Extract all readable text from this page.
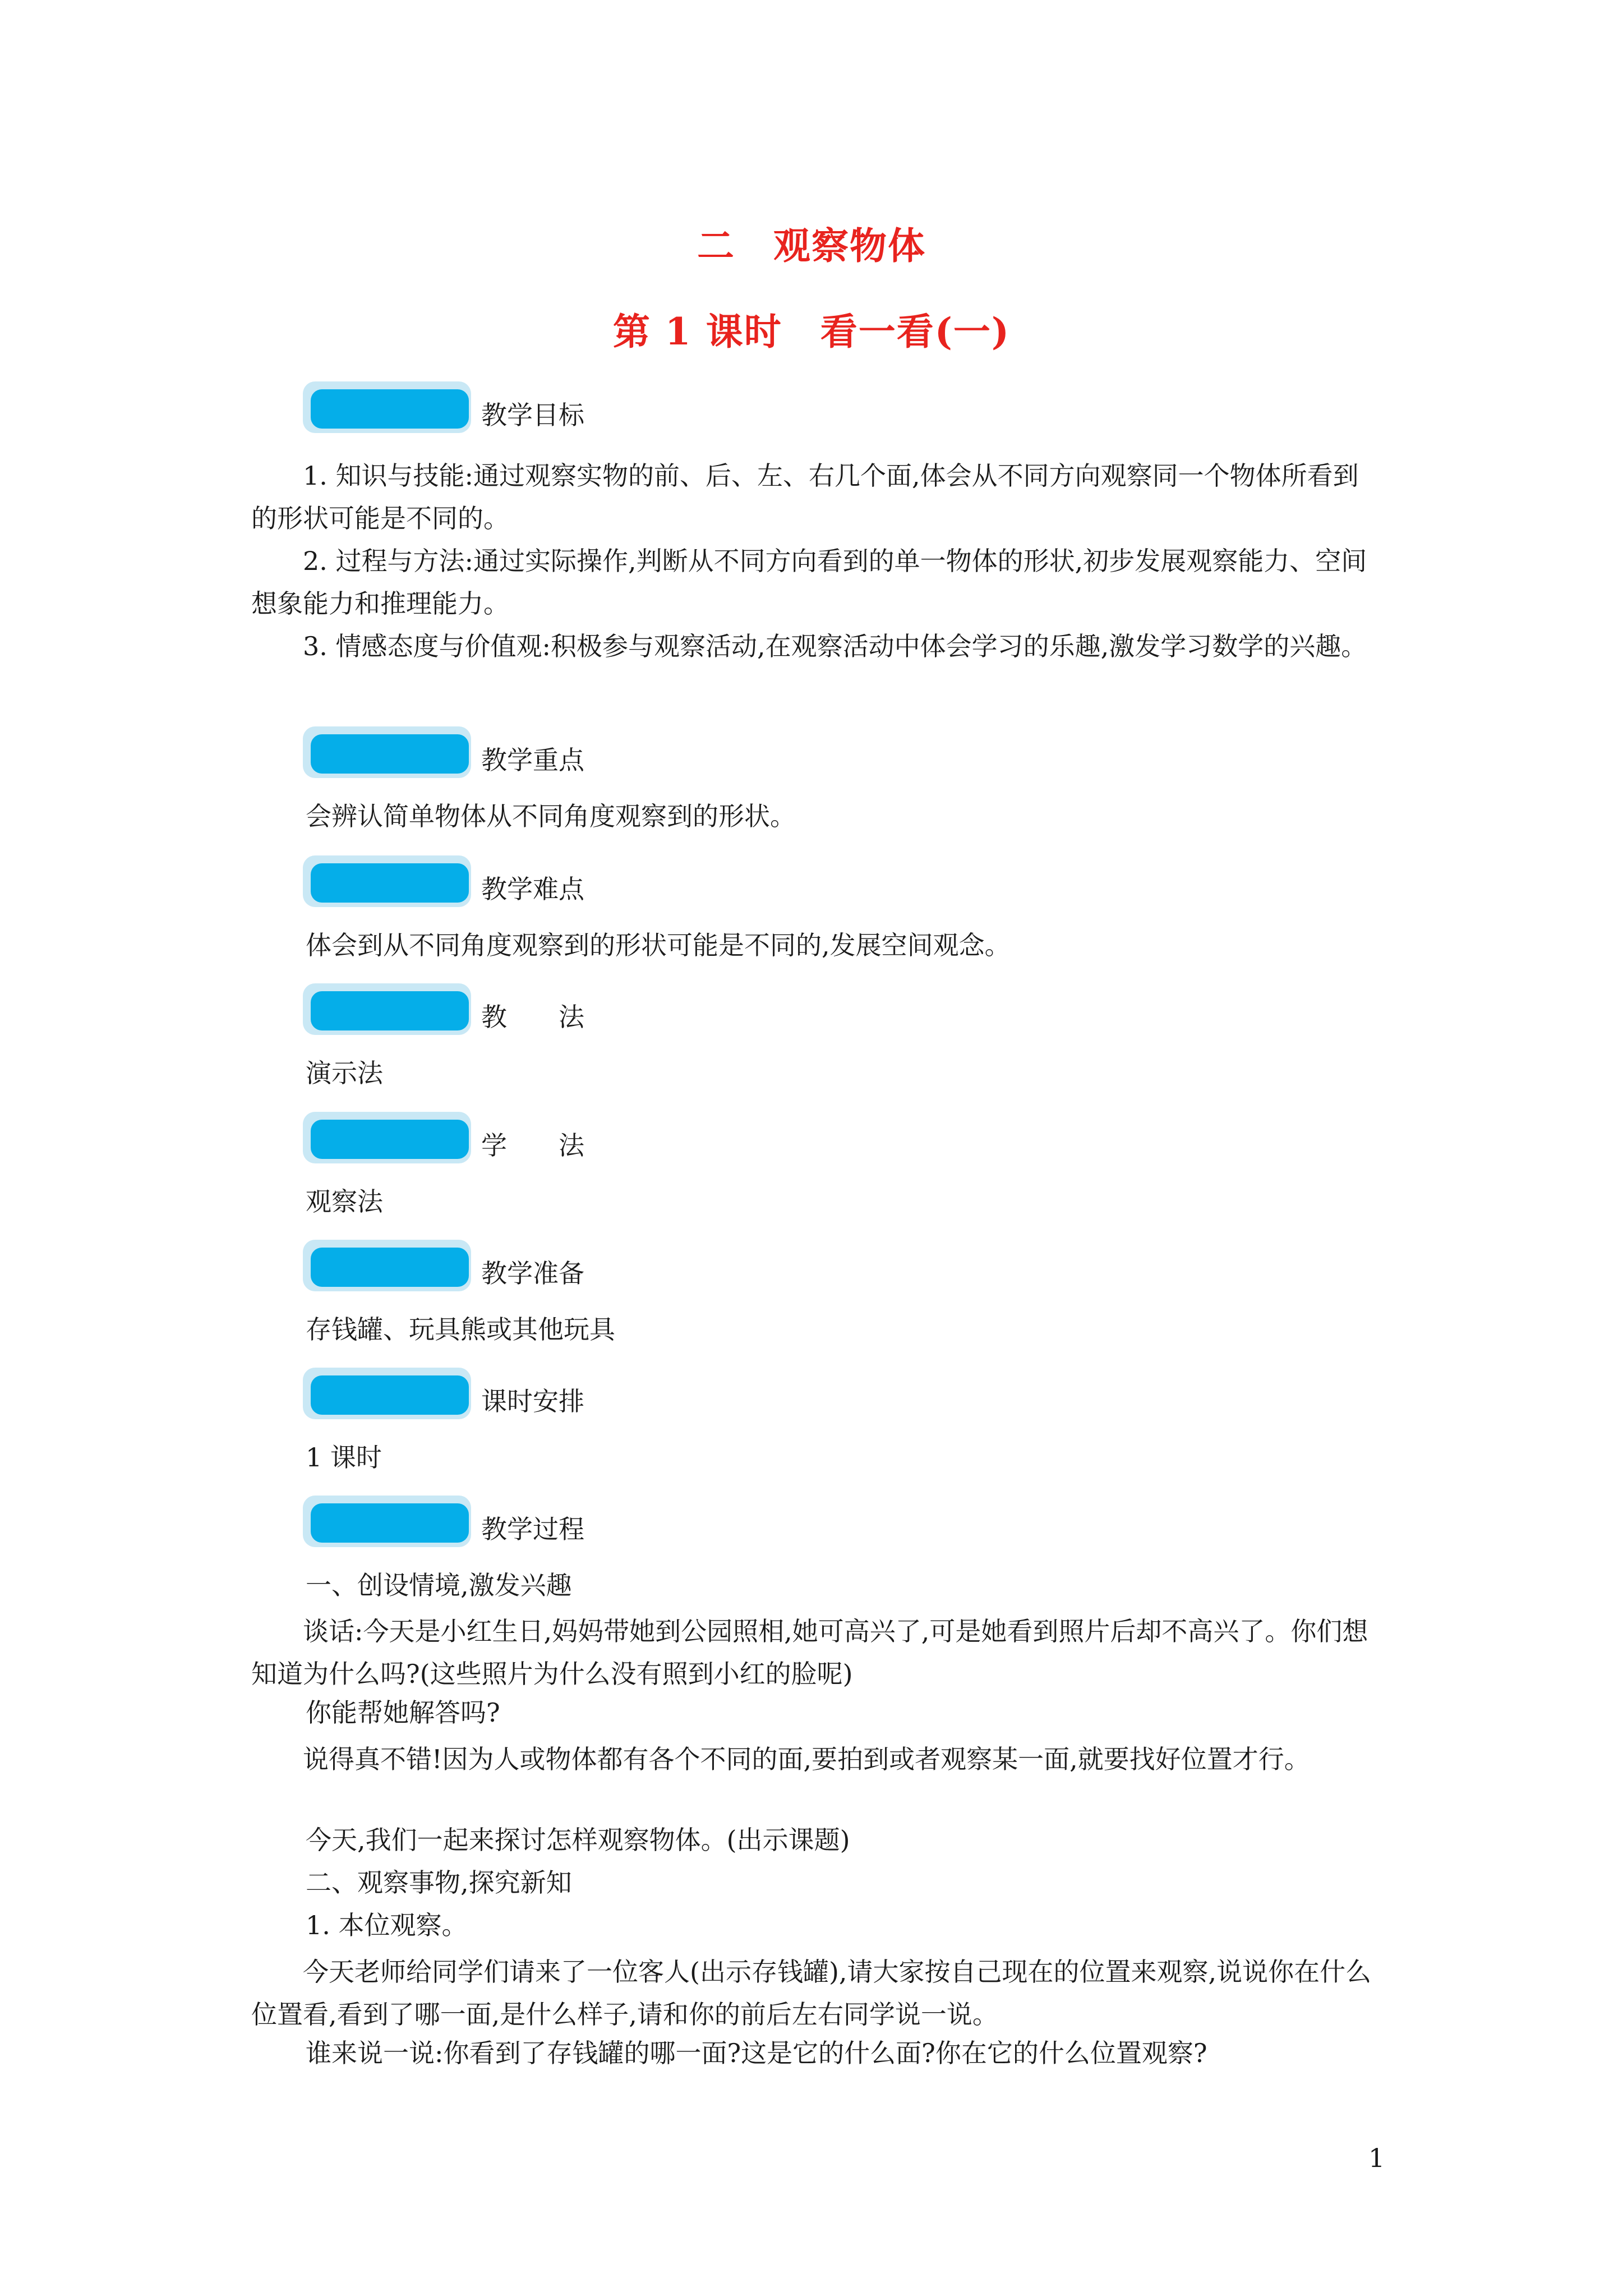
二　观察物体
第 1 课时　看一看(一)
教学目标

1. 知识与技能:通过观察实物的前、后、左、右几个面,体会从不同方向观察同一个物体所看到的形状可能是不同的。

2. 过程与方法:通过实际操作,判断从不同方向看到的单一物体的形状,初步发展观察能力、空间想象能力和推理能力。

3. 情感态度与价值观:积极参与观察活动,在观察活动中体会学习的乐趣,激发学习数学的兴趣。

教学重点
会辨认简单物体从不同角度观察到的形状。
教学难点
体会到从不同角度观察到的形状可能是不同的,发展空间观念。
教　　法
演示法
学　　法
观察法
教学准备
存钱罐、玩具熊或其他玩具
课时安排
1 课时
教学过程
一、创设情境,激发兴趣

谈话:今天是小红生日,妈妈带她到公园照相,她可高兴了,可是她看到照片后却不高兴了。你们想知道为什么吗?(这些照片为什么没有照到小红的脸呢)

你能帮她解答吗?

说得真不错!因为人或物体都有各个不同的面,要拍到或者观察某一面,就要找好位置才行。

今天,我们一起来探讨怎样观察物体。(出示课题)
二、观察事物,探究新知
1. 本位观察。

今天老师给同学们请来了一位客人(出示存钱罐),请大家按自己现在的位置来观察,说说你在什么位置看,看到了哪一面,是什么样子,请和你的前后左右同学说一说。

谁来说一说:你看到了存钱罐的哪一面?这是它的什么面?你在它的什么位置观察?
1
